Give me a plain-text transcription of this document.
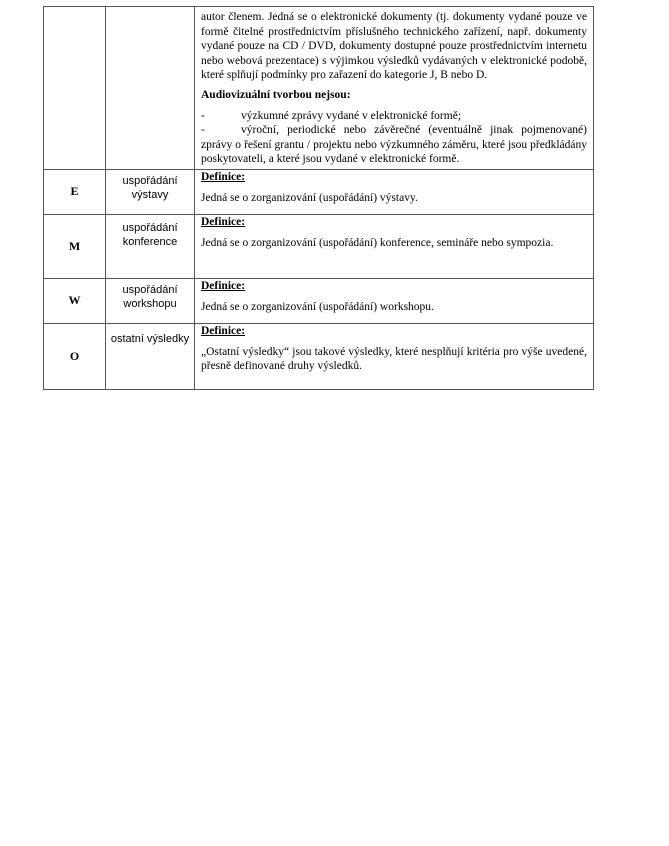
		autor členem. Jedná se o elektronické dokumenty (tj. dokumenty vydané pouze ve formě čitelné prostřednictvím příslušného technického zařízení, např. dokumenty vydané pouze na CD / DVD, dokumenty dostupné pouze prostřednictvím internetu nebo webová prezentace) s výjimkou výsledků vydávaných v elektronické podobě, které splňují podmínky pro zařazení do kategorie J, B nebo D.

Audiovizuální tvorbou nejsou:

- výzkumné zprávy vydané v elektronické formě;

- výroční, periodické nebo závěrečné (eventuálně jinak pojmenované) zprávy o řešení grantu / projektu nebo výzkumného záměru, které jsou předkládány poskytovateli, a které jsou vydané v elektronické formě.

E	uspořádání výstavy	Definice:

Jedná se o zorganizování (uspořádání) výstavy.

M	uspořádání konference	Definice:

Jedná se o zorganizování (uspořádání) konference, semináře nebo sympozia.

W	uspořádání workshopu	Definice:

Jedná se o zorganizování (uspořádání) workshopu.

O	ostatní výsledky	Definice:

„Ostatní výsledky“ jsou takové výsledky, které nesplňují kritéria pro výše uvedené, přesně definované druhy výsledků.
